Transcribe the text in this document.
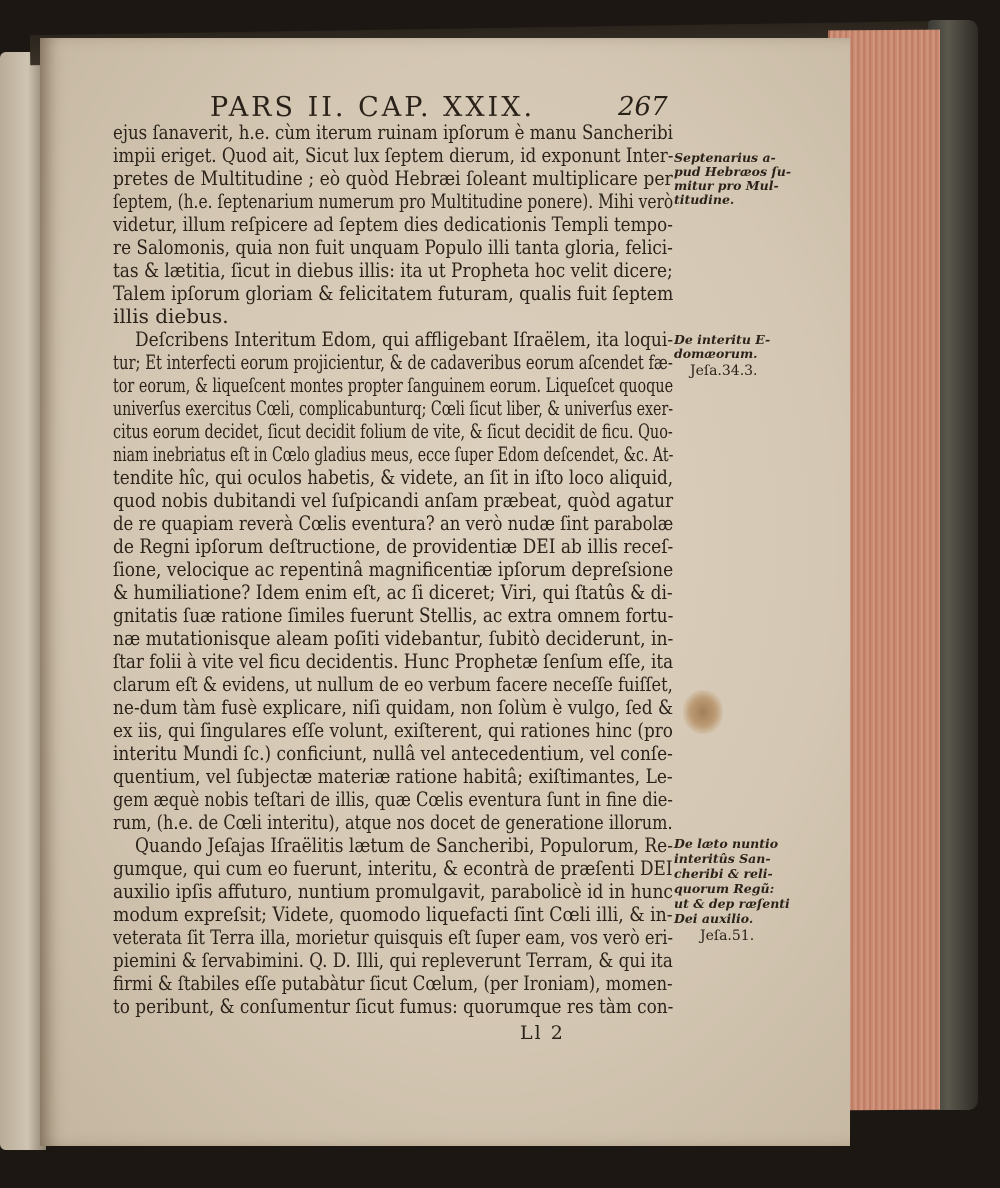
PARS II. CAP. XXIX.	267
ejus ſanaverit, h.e. cùm iterum ruinam ipſorum è manu Sancheribi
impii eriget. Quod ait, Sicut lux ſeptem dierum, id exponunt Inter-
pretes de Multitudine ; eò quòd Hebræi ſoleant multiplicare per
ſeptem, (h.e. ſeptenarium numerum pro Multitudine ponere). Mihi verò
videtur, illum reſpicere ad ſeptem dies dedicationis Templi tempo-
re Salomonis, quia non fuit unquam Populo illi tanta gloria, felici-
tas & lætitia, ſicut in diebus illis: ita ut Propheta hoc velit dicere;
Talem ipſorum gloriam & felicitatem futuram, qualis fuit ſeptem
illis diebus.
Deſcribens Interitum Edom, qui affligebant Iſraëlem, ita loqui-
tur; Et interfecti eorum projicientur, & de cadaveribus eorum aſcendet fæ-
tor eorum, & liqueſcent montes propter ſanguinem eorum. Liqueſcet quoque
univerſus exercitus Cœli, complicabunturq; Cœli ſicut liber, & univerſus exer-
citus eorum decidet, ſicut decidit folium de vite, & ſicut decidit de ficu. Quo-
niam inebriatus eſt in Cœlo gladius meus, ecce ſuper Edom deſcendet, &c. At-
tendite hîc, qui oculos habetis, & videte, an ſit in iſto loco aliquid,
quod nobis dubitandi vel ſuſpicandi anſam præbeat, quòd agatur
de re quapiam reverà Cœlis eventura? an verò nudæ ſint parabolæ
de Regni ipſorum deſtructione, de providentiæ DEI ab illis receſ-
ſione, velocique ac repentinâ magnificentiæ ipſorum depreſsione
& humiliatione? Idem enim eſt, ac ſi diceret; Viri, qui ſtatûs & di-
gnitatis ſuæ ratione ſimiles fuerunt Stellis, ac extra omnem fortu-
næ mutationisque aleam poſiti videbantur, ſubitò deciderunt, in-
ſtar folii à vite vel ficu decidentis. Hunc Prophetæ ſenſum eſſe, ita
clarum eſt & evidens, ut nullum de eo verbum facere neceſſe fuiſſet,
ne-dum tàm fusè explicare, niſi quidam, non ſolùm è vulgo, ſed &
ex iis, qui ſingulares eſſe volunt, exiſterent, qui rationes hinc (pro
interitu Mundi ſc.) conficiunt, nullâ vel antecedentium, vel conſe-
quentium, vel ſubjectæ materiæ ratione habitâ; exiſtimantes, Le-
gem æquè nobis teſtari de illis, quæ Cœlis eventura ſunt in fine die-
rum, (h.e. de Cœli interitu), atque nos docet de generatione illorum.
Quando Jeſajas Iſraëlitis lætum de Sancheribi, Populorum, Re-
gumque, qui cum eo fuerunt, interitu, & econtrà de præſenti DEI
auxilio ipſis affuturo, nuntium promulgavit, parabolicè id in hunc
modum expreſsit; Videte, quomodo liquefacti ſint Cœli illi, & in-
veterata ſit Terra illa, morietur quisquis eſt ſuper eam, vos verò eri-
piemini & ſervabimini. Q. D. Illi, qui repleverunt Terram, & qui ita
firmi & ſtabiles eſſe putabàtur ſicut Cœlum, (per Ironiam), momen-
to peribunt, & conſumentur ſicut fumus: quorumque res tàm con-
Septenarius a-
pud Hebræos ſu-
mitur pro Mul-
titudine.
De interitu E-
domæorum.
Jeſa.34.3.
De læto nuntio
interitûs San-
cheribi & reli-
quorum Regũ:
ut & dep ræſenti
Dei auxilio.
Jeſa.51.
Ll 2
